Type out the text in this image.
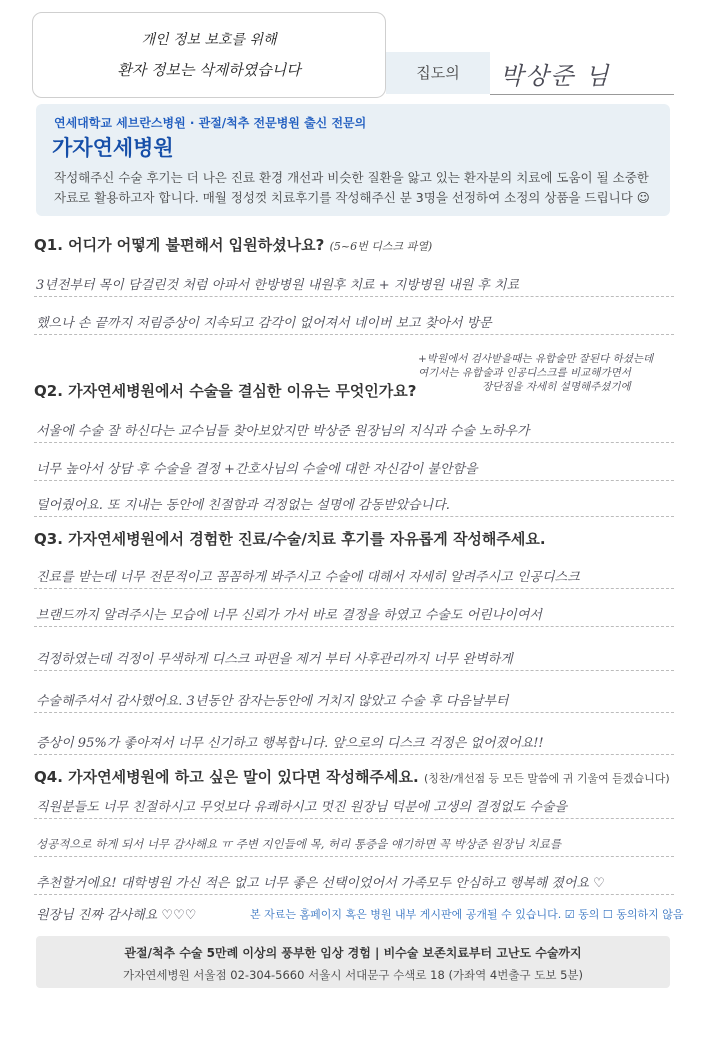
개인 정보 보호를 위해
환자 정보는 삭제하였습니다	집도의	박상준 님
연세대학교 세브란스병원 · 관절/척추 전문병원 출신 전문의
가자연세병원
작성해주신 수술 후기는 더 나은 진료 환경 개선과 비슷한 질환을 앓고 있는 환자분의 치료에 도움이 될 소중한 자료로 활용하고자 합니다. 매월 정성껏 치료후기를 작성해주신 분 3명을 선정하여 소정의 상품을 드립니다 ☺
Q1. 어디가 어떻게 불편해서 입원하셨나요? (5~6번 디스크 파열)
3년전부터 목이 담걸린것 처럼 아파서 한방병원 내원후 치료 + 지방병원 내원 후 치료
했으나 손 끝까지 저림증상이 지속되고 감각이 없어져서 네이버 보고 찾아서 방문
Q2. 가자연세병원에서 수술을 결심한 이유는 무엇인가요?
+박원에서 검사받을때는 유합술만 잘된다 하셨는데
여기서는 유합술과 인공디스크를 비교해가면서
장단점을 자세히 설명해주셨기에
서울에 수술 잘 하신다는 교수님들 찾아보았지만 박상준 원장님의 지식과 수술 노하우가
너무 높아서 상담 후 수술을 결정 +간호사님의 수술에 대한 자신감이 불안함을
덜어줬어요. 또 지내는 동안에 친절함과 걱정없는 설명에 감동받았습니다.
Q3. 가자연세병원에서 경험한 진료/수술/치료 후기를 자유롭게 작성해주세요.
진료를 받는데 너무 전문적이고 꼼꼼하게 봐주시고 수술에 대해서 자세히 알려주시고 인공디스크
브랜드까지 알려주시는 모습에 너무 신뢰가 가서 바로 결정을 하였고 수술도 어린나이여서
걱정하였는데 걱정이 무색하게 디스크 파편을 제거 부터 사후관리까지 너무 완벽하게
수술해주셔서 감사했어요. 3년동안 잠자는동안에 거치지 않았고 수술 후 다음날부터
증상이 95%가 좋아져서 너무 신기하고 행복합니다. 앞으로의 디스크 걱정은 없어졌어요!!
Q4. 가자연세병원에 하고 싶은 말이 있다면 작성해주세요. (칭찬/개선점 등 모든 말씀에 귀 기울여 듣겠습니다)
직원분들도 너무 친절하시고 무엇보다 유쾌하시고 멋진 원장님 덕분에 고생의 결정없도 수술을
성공적으로 하게 되서 너무 감사해요 ㅠ 주변 지인들에 목, 허리 통증을 얘기하면 꼭 박상준 원장님 치료를
추천할거에요! 대학병원 가신 적은 없고 너무 좋은 선택이었어서 가족모두 안심하고 행복해 졌어요 ♡
원장님 진짜 감사해요 ♡♡♡	본 자료는 홈페이지 혹은 병원 내부 게시판에 공개될 수 있습니다. ☑ 동의 ☐ 동의하지 않음
관절/척추 수술 5만례 이상의 풍부한 임상 경험 | 비수술 보존치료부터 고난도 수술까지
가자연세병원 서울점 02-304-5660 서울시 서대문구 수색로 18 (가좌역 4번출구 도보 5분)
